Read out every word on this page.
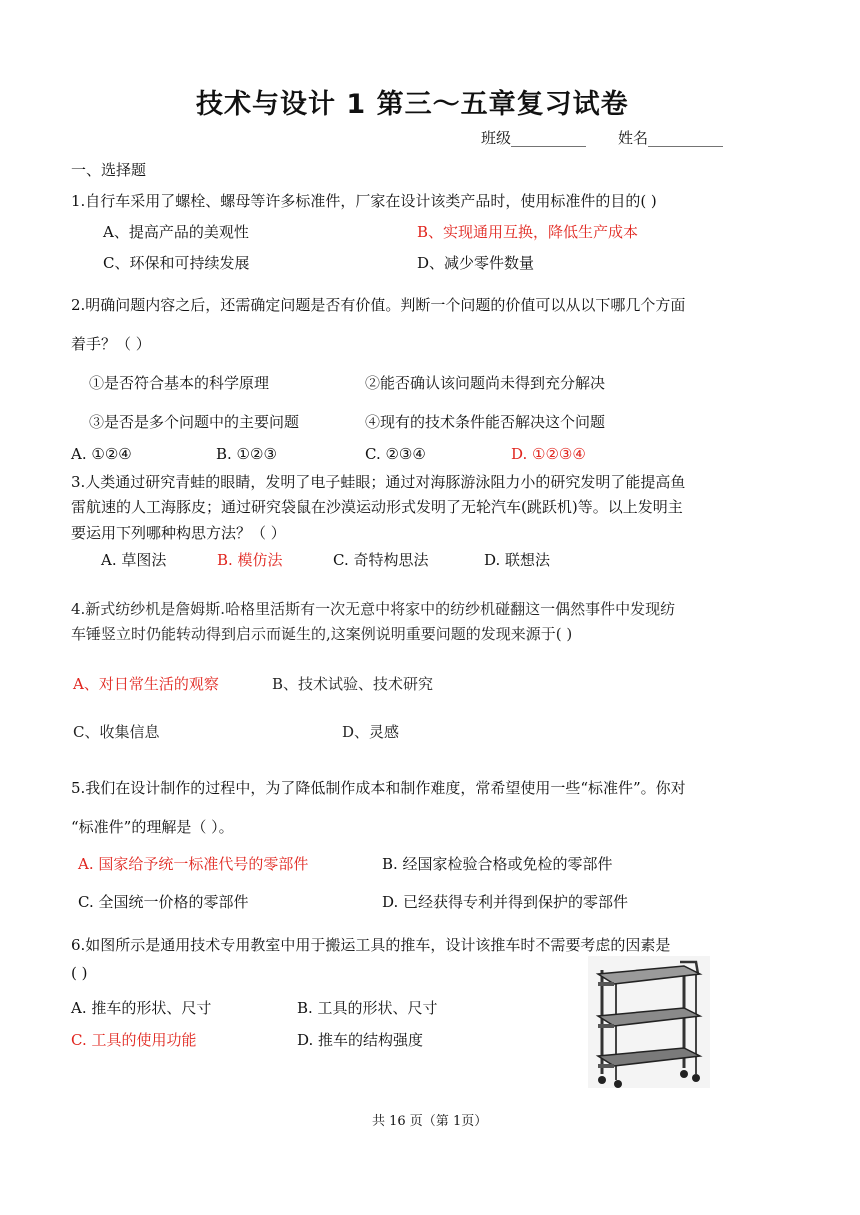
技术与设计 1 第三～五章复习试卷
班级__________ 姓名__________
一、选择题
1.自行车采用了螺栓、螺母等许多标准件，厂家在设计该类产品时，使用标准件的目的( )
A、提高产品的美观性	B、实现通用互换，降低生产成本
C、环保和可持续发展	D、减少零件数量
2.明确问题内容之后，还需确定问题是否有价值。判断一个问题的价值可以从以下哪几个方面
着手？（ ）
①是否符合基本的科学原理	②能否确认该问题尚未得到充分解决
③是否是多个问题中的主要问题	④现有的技术条件能否解决这个问题
A. ①②④	B. ①②③	C. ②③④	D. ①②③④
3.人类通过研究青蛙的眼睛，发明了电子蛙眼；通过对海豚游泳阻力小的研究发明了能提高鱼
雷航速的人工海豚皮；通过研究袋鼠在沙漠运动形式发明了无轮汽车(跳跃机)等。以上发明主
要运用下列哪种构思方法？（ ）
A. 草图法	B. 模仿法	C. 奇特构思法	D. 联想法
4.新式纺纱机是詹姆斯.哈格里活斯有一次无意中将家中的纺纱机碰翻这一偶然事件中发现纺
车锤竖立时仍能转动得到启示而诞生的,这案例说明重要问题的发现来源于( )
A、对日常生活的观察	B、技术试验、技术研究
C、收集信息	D、灵感
5.我们在设计制作的过程中，为了降低制作成本和制作难度，常希望使用一些“标准件”。你对
“标准件”的理解是（ ）。
A. 国家给予统一标准代号的零部件	B. 经国家检验合格或免检的零部件
C. 全国统一价格的零部件	D. 已经获得专利并得到保护的零部件
6.如图所示是通用技术专用教室中用于搬运工具的推车，设计该推车时不需要考虑的因素是
( )
A. 推车的形状、尺寸	B. 工具的形状、尺寸
C. 工具的使用功能	D. 推车的结构强度
共 16 页（第 1页）
